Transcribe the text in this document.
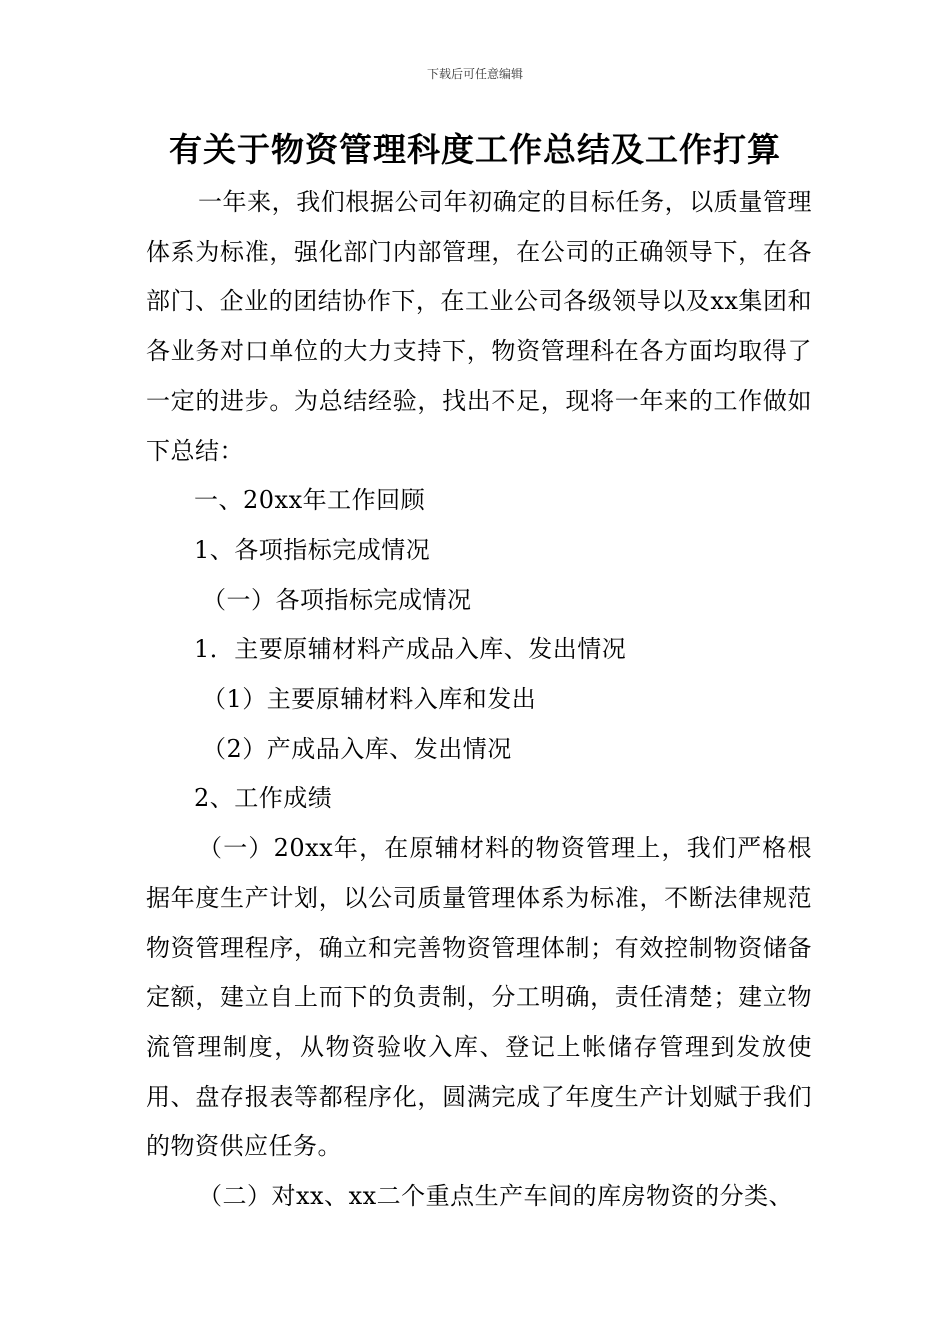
下载后可任意编辑
有关于物资管理科度工作总结及工作打算

一年来，我们根据公司年初确定的目标任务，以质量管理体系为标准，强化部门内部管理，在公司的正确领导下，在各部门、企业的团结协作下，在工业公司各级领导以及xx集团和各业务对口单位的大力支持下，物资管理科在各方面均取得了一定的进步。为总结经验，找出不足，现将一年来的工作做如下总结：

一、20xx年工作回顾

1、各项指标完成情况

（一）各项指标完成情况

1．主要原辅材料产成品入库、发出情况

（1）主要原辅材料入库和发出

（2）产成品入库、发出情况

2、工作成绩

（一）20xx年，在原辅材料的物资管理上，我们严格根据年度生产计划，以公司质量管理体系为标准，不断法律规范物资管理程序，确立和完善物资管理体制；有效控制物资储备定额，建立自上而下的负责制，分工明确，责任清楚；建立物流管理制度，从物资验收入库、登记上帐储存管理到发放使用、盘存报表等都程序化，圆满完成了年度生产计划赋于我们的物资供应任务。

（二）对xx、xx二个重点生产车间的库房物资的分类、
